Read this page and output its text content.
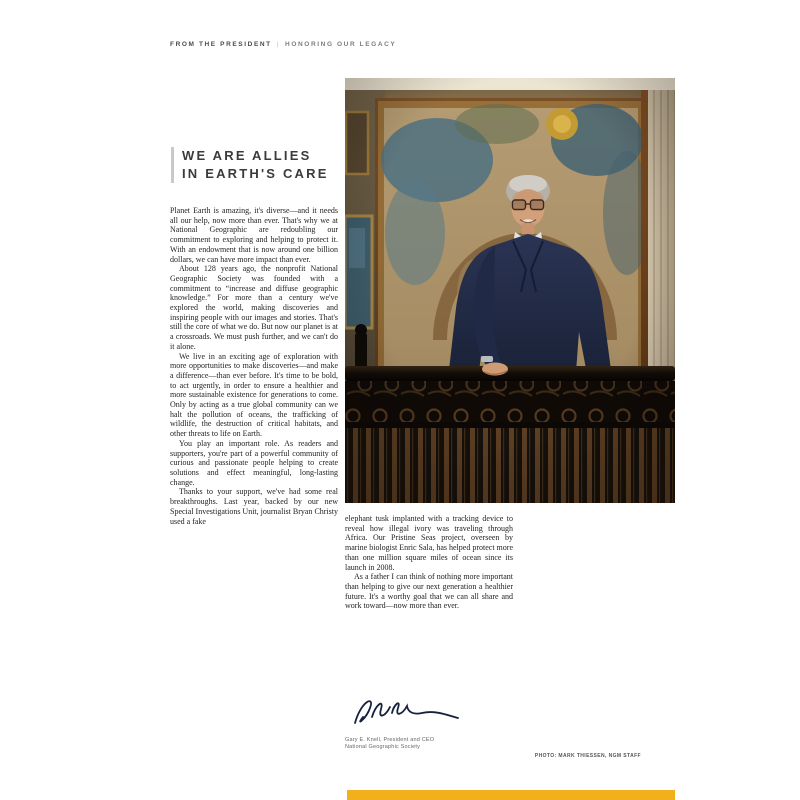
FROM THE PRESIDENT | HONORING OUR LEGACY
WE ARE ALLIES
IN EARTH'S CARE

Planet Earth is amazing, it's diverse—and it needs all our help, now more than ever. That's why we at National Geographic are redoubling our commitment to exploring and helping to protect it. With an endowment that is now around one billion dollars, we can have more impact than ever.

About 128 years ago, the nonprofit National Geographic Society was founded with a commitment to “increase and diffuse geographic knowledge.” For more than a century we've explored the world, making discoveries and inspiring people with our images and stories. That's still the core of what we do. But now our planet is at a crossroads. We must push further, and we can't do it alone.

We live in an exciting age of exploration with more opportunities to make discoveries—and make a difference—than ever before. It's time to be bold, to act urgently, in order to ensure a healthier and more sustainable existence for generations to come. Only by acting as a true global community can we halt the pollution of oceans, the trafficking of wildlife, the destruction of critical habitats, and other threats to life on Earth.

You play an important role. As readers and supporters, you're part of a powerful community of curious and passionate people helping to create solutions and effect meaningful, long-lasting change.

Thanks to your support, we've had some real breakthroughs. Last year, backed by our new Special Investigations Unit, journalist Bryan Christy used a fake	elephant tusk implanted with a tracking device to reveal how illegal ivory was traveling through Africa. Our Pristine Seas project, overseen by marine biologist Enric Sala, has helped protect more than one million square miles of ocean since its launch in 2008.

As a father I can think of nothing more important than helping to give our next generation a healthier future. It's a worthy goal that we can all share and work toward—now more than ever.

Gary E. Knell, President and CEO
National Geographic Society
PHOTO: MARK THIESSEN, NGM STAFF
